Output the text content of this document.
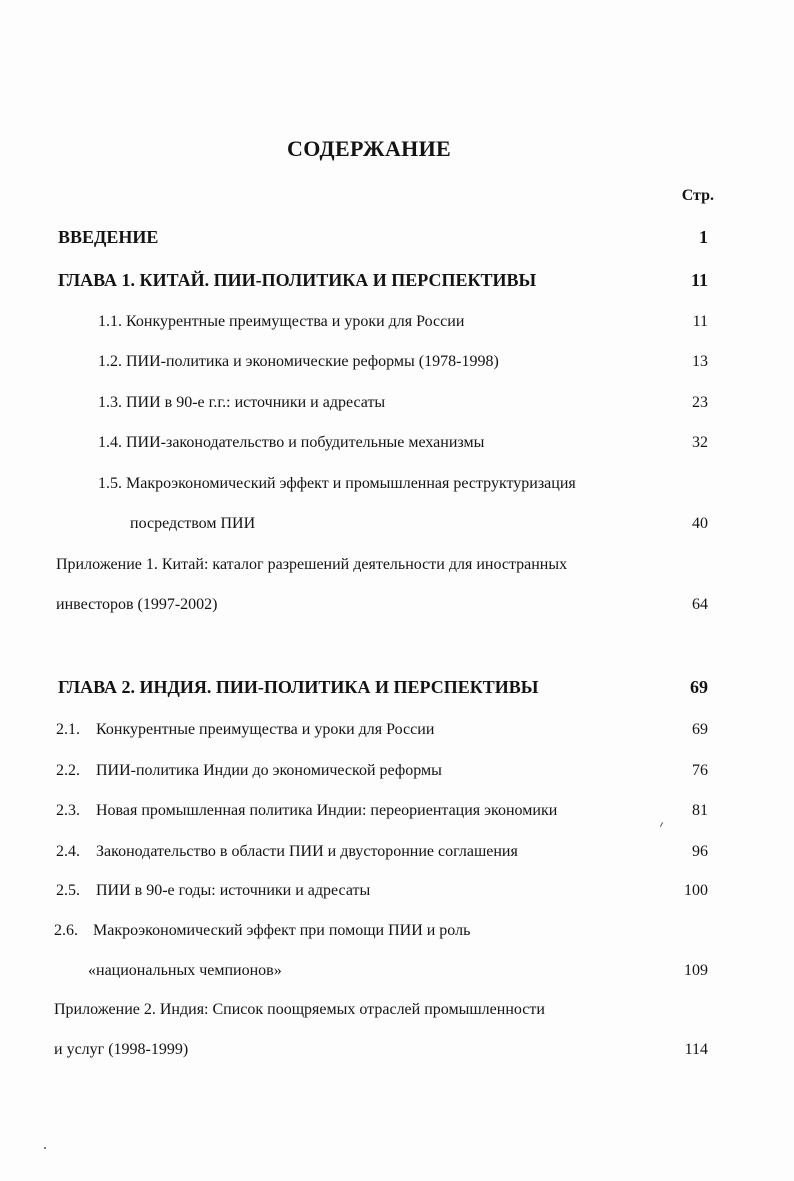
СОДЕРЖАНИЕ
Стр.
ВВЕДЕНИЕ	1
ГЛАВА 1. КИТАЙ. ПИИ-ПОЛИТИКА И ПЕРСПЕКТИВЫ	11
1.1. Конкурентные преимущества и уроки для России	11
1.2. ПИИ-политика и экономические реформы (1978-1998)	13
1.3. ПИИ в 90-е г.г.: источники и адресаты	23
1.4. ПИИ-законодательство и побудительные механизмы	32
1.5. Макроэкономический эффект и промышленная реструктуризация
посредством ПИИ	40
Приложение 1. Китай: каталог разрешений деятельности для иностранных
инвесторов (1997-2002)	64
ГЛАВА 2. ИНДИЯ. ПИИ-ПОЛИТИКА И ПЕРСПЕКТИВЫ	69
2.1. Конкурентные преимущества и уроки для России	69
2.2. ПИИ-политика Индии до экономической реформы	76
2.3. Новая промышленная политика Индии: переориентация экономики	81
2.4. Законодательство в области ПИИ и двусторонние соглашения	96
2.5. ПИИ в 90-е годы: источники и адресаты	100
2.6. Макроэкономический эффект при помощи ПИИ и роль
«национальных чемпионов»	109
Приложение 2. Индия: Список поощряемых отраслей промышленности
и услуг (1998-1999)	114
